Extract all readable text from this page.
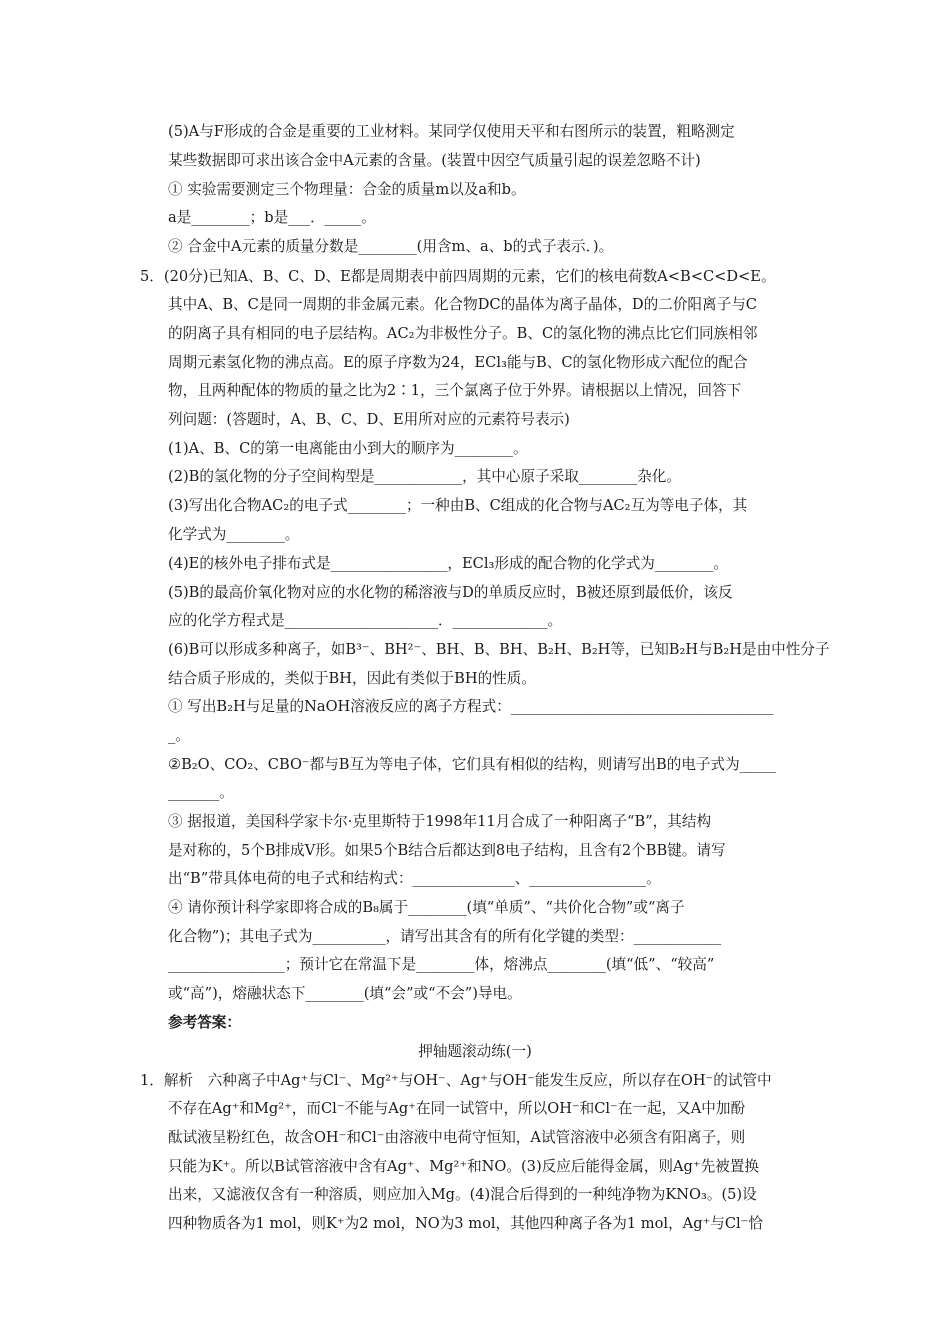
(5)A与F形成的合金是重要的工业材料。某同学仅使用天平和右图所示的装置，粗略测定
某些数据即可求出该合金中A元素的含量。(装置中因空气质量引起的误差忽略不计)
① 实验需要测定三个物理量：合金的质量m以及a和b。
a是________；b是___．_____。
② 合金中A元素的质量分数是________(用含m、a、b的式子表示．)。
5．(20分)已知A、B、C、D、E都是周期表中前四周期的元素，它们的核电荷数A<B<C<D<E。
其中A、B、C是同一周期的非金属元素。化合物DC的晶体为离子晶体，D的二价阳离子与C
的阴离子具有相同的电子层结构。AC₂为非极性分子。B、C的氢化物的沸点比它们同族相邻
周期元素氢化物的沸点高。E的原子序数为24，ECl₃能与B、C的氢化物形成六配位的配合
物，且两种配体的物质的量之比为2∶1，三个氯离子位于外界。请根据以上情况，回答下
列问题：(答题时，A、B、C、D、E用所对应的元素符号表示)
(1)A、B、C的第一电离能由小到大的顺序为________。
(2)B的氢化物的分子空间构型是____________，其中心原子采取________杂化。
(3)写出化合物AC₂的电子式________；一种由B、C组成的化合物与AC₂互为等电子体，其
化学式为________。
(4)E的核外电子排布式是________________，ECl₃形成的配合物的化学式为________。
(5)B的最高价氧化物对应的水化物的稀溶液与D的单质反应时，B被还原到最低价，该反
应的化学方程式是_____________________．_____________。
(6)B可以形成多种离子，如B³⁻、BH²⁻、BH、B、BH、B₂H、B₂H等，已知B₂H与B₂H是由中性分子
结合质子形成的，类似于BH，因此有类似于BH的性质。
① 写出B₂H与足量的NaOH溶液反应的离子方程式：____________________________________
_。
②B₂O、CO₂、CBO⁻都与B互为等电子体，它们具有相似的结构，则请写出B的电子式为_____
_______。
③ 据报道，美国科学家卡尔·克里斯特于1998年11月合成了一种阳离子“B”，其结构
是对称的，5个B排成V形。如果5个B结合后都达到8电子结构，且含有2个BB键。请写
出“B”带具体电荷的电子式和结构式：______________、________________。
④ 请你预计科学家即将合成的B₈属于________(填“单质”、“共价化合物”或“离子
化合物”)；其电子式为__________，请写出其含有的所有化学键的类型：____________
________________；预计它在常温下是________体，熔沸点________(填“低”、“较高”
或“高”)，熔融状态下________(填“会”或“不会”)导电。
参考答案：
押轴题滚动练(一)
1．解析　六种离子中Ag⁺与Cl⁻、Mg²⁺与OH⁻、Ag⁺与OH⁻能发生反应，所以存在OH⁻的试管中
不存在Ag⁺和Mg²⁺，而Cl⁻不能与Ag⁺在同一试管中，所以OH⁻和Cl⁻在一起，又A中加酚
酞试液呈粉红色，故含OH⁻和Cl⁻由溶液中电荷守恒知，A试管溶液中必须含有阳离子，则
只能为K⁺。所以B试管溶液中含有Ag⁺、Mg²⁺和NO。(3)反应后能得金属，则Ag⁺先被置换
出来，又滤液仅含有一种溶质，则应加入Mg。(4)混合后得到的一种纯净物为KNO₃。(5)设
四种物质各为1 mol，则K⁺为2 mol，NO为3 mol，其他四种离子各为1 mol，Ag⁺与Cl⁻恰
